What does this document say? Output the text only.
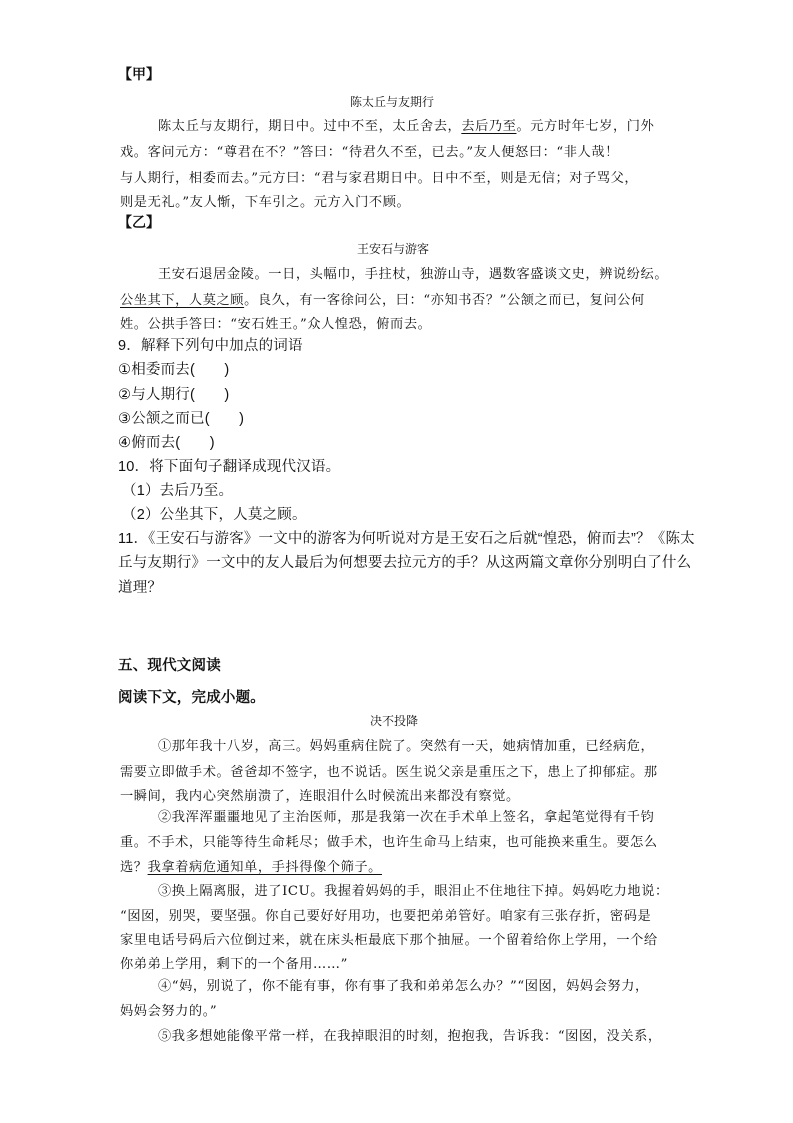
【甲】
陈太丘与友期行
陈太丘与友期行，期日中。过中不至，太丘舍去，去后乃至。元方时年七岁，门外
戏。客问元方：“尊君在不？”答曰：“待君久不至，已去。”友人便怒曰：“非人哉！
与人期行，相委而去。”元方曰：“君与家君期日中。日中不至，则是无信；对子骂父，
则是无礼。”友人惭，下车引之。元方入门不顾。
【乙】
王安石与游客
王安石退居金陵。一日，头幅巾，手拄杖，独游山寺，遇数客盛谈文史，辨说纷纭。
公坐其下，人莫之顾。良久，有一客徐问公，曰：“亦知书否？”公颔之而已，复问公何
姓。公拱手答曰：“安石姓王。”众人惶恐，俯而去。
9．解释下列句中加点的词语
①相委而去(　　)
②与人期行(　　)
③公颔之而已(　　)
④俯而去(　　)
10．将下面句子翻译成现代汉语。
（1）去后乃至。
（2）公坐其下，人莫之顾。
11．《王安石与游客》一文中的游客为何听说对方是王安石之后就“惶恐，俯而去”？《陈太
丘与友期行》一文中的友人最后为何想要去拉元方的手？从这两篇文章你分别明白了什么
道理？
五、现代文阅读
阅读下文，完成小题。
决不投降
①那年我十八岁，高三。妈妈重病住院了。突然有一天，她病情加重，已经病危，
需要立即做手术。爸爸却不签字，也不说话。医生说父亲是重压之下，患上了抑郁症。那
一瞬间，我内心突然崩溃了，连眼泪什么时候流出来都没有察觉。
②我浑浑噩噩地见了主治医师，那是我第一次在手术单上签名，拿起笔觉得有千钧
重。不手术，只能等待生命耗尽；做手术，也许生命马上结束，也可能换来重生。要怎么
选？我拿着病危通知单，手抖得像个筛子。
③换上隔离服，进了ICU。我握着妈妈的手，眼泪止不住地往下掉。妈妈吃力地说：
“囡囡，别哭，要坚强。你自己要好好用功，也要把弟弟管好。咱家有三张存折，密码是
家里电话号码后六位倒过来，就在床头柜最底下那个抽屉。一个留着给你上学用，一个给
你弟弟上学用，剩下的一个备用……”
④“妈，别说了，你不能有事，你有事了我和弟弟怎么办？”“囡囡，妈妈会努力，
妈妈会努力的。”
⑤我多想她能像平常一样，在我掉眼泪的时刻，抱抱我，告诉我：“囡囡，没关系，
